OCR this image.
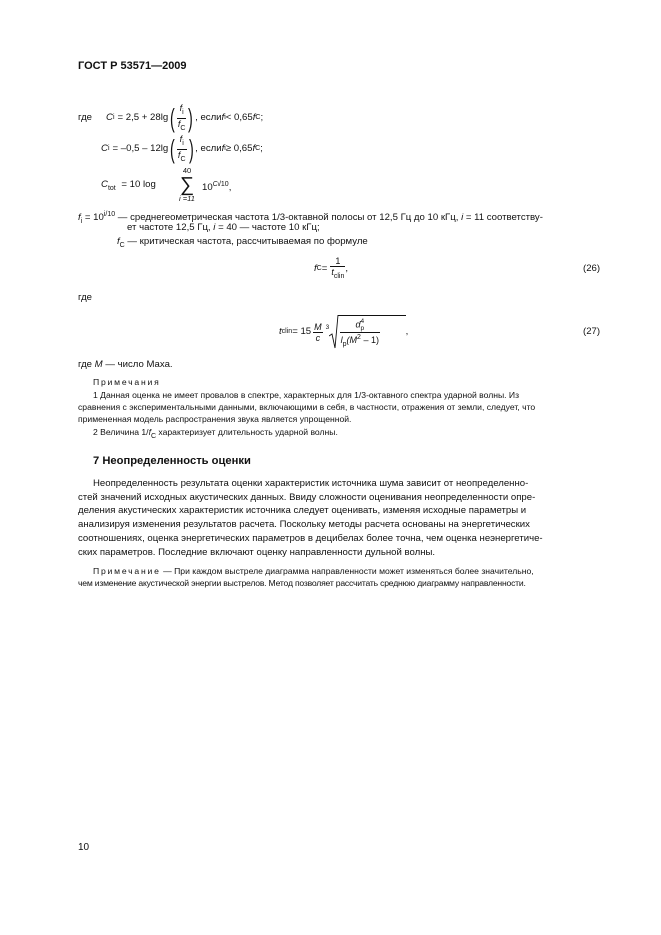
ГОСТ Р 53571—2009
где C i = 2,5 + 28lg ( $\frac{f_i}{f_C}$ ) , если f i < 0,65 f C ;
C i = –0,5 – 12lg ( $\frac{f_i}{f_C}$ ) , если f i ≥ 0,65 f C ;
$C_{tot} = 10$ log
40
∑
i =11
$10^{Ci/10}$,
$f_i = 10^{i/10}$ — среднегеометрическая частота 1/3-октавной полосы от 12,5 Гц до 10 кГц, i = 11 соответству-
ет частоте 12,5 Гц, i = 40 — частоте 10 кГц;
$f_C$ — критическая частота, рассчитываемая по формуле
f $C = \frac{1}{t_{clin}}$ ,	(26)
где
t clin = $15 \frac{M}{c} 3$ d 4
p
$l_p(M^2 - 1)$	,	(27)
где M — число Маха.
Примечания
1 Данная оценка не имеет провалов в спектре, характерных для 1/3-октавного спектра ударной волны. Из
сравнения с экспериментальными данными, включающими в себя, в частности, отражения от земли, следует, что
примененная модель распространения звука является упрощенной.
2 Величина $1/f_C$ характеризует длительность ударной волны.
7 Неопределенность оценки
Неопределенность результата оценки характеристик источника шума зависит от неопределенно-
стей значений исходных акустических данных. Ввиду сложности оценивания неопределенности опре-
деления акустических характеристик источника следует оценивать, изменяя исходные параметры и
анализируя изменения результатов расчета. Поскольку методы расчета основаны на энергетических
соотношениях, оценка энергетических параметров в децибелах более точна, чем оценка неэнергетиче-
ских параметров. Последние включают оценку направленности дульной волны.
Примечание — При каждом выстреле диаграмма направленности может изменяться более значительно,
чем изменение акустической энергии выстрелов. Метод позволяет рассчитать среднюю диаграмму направленности.
10
